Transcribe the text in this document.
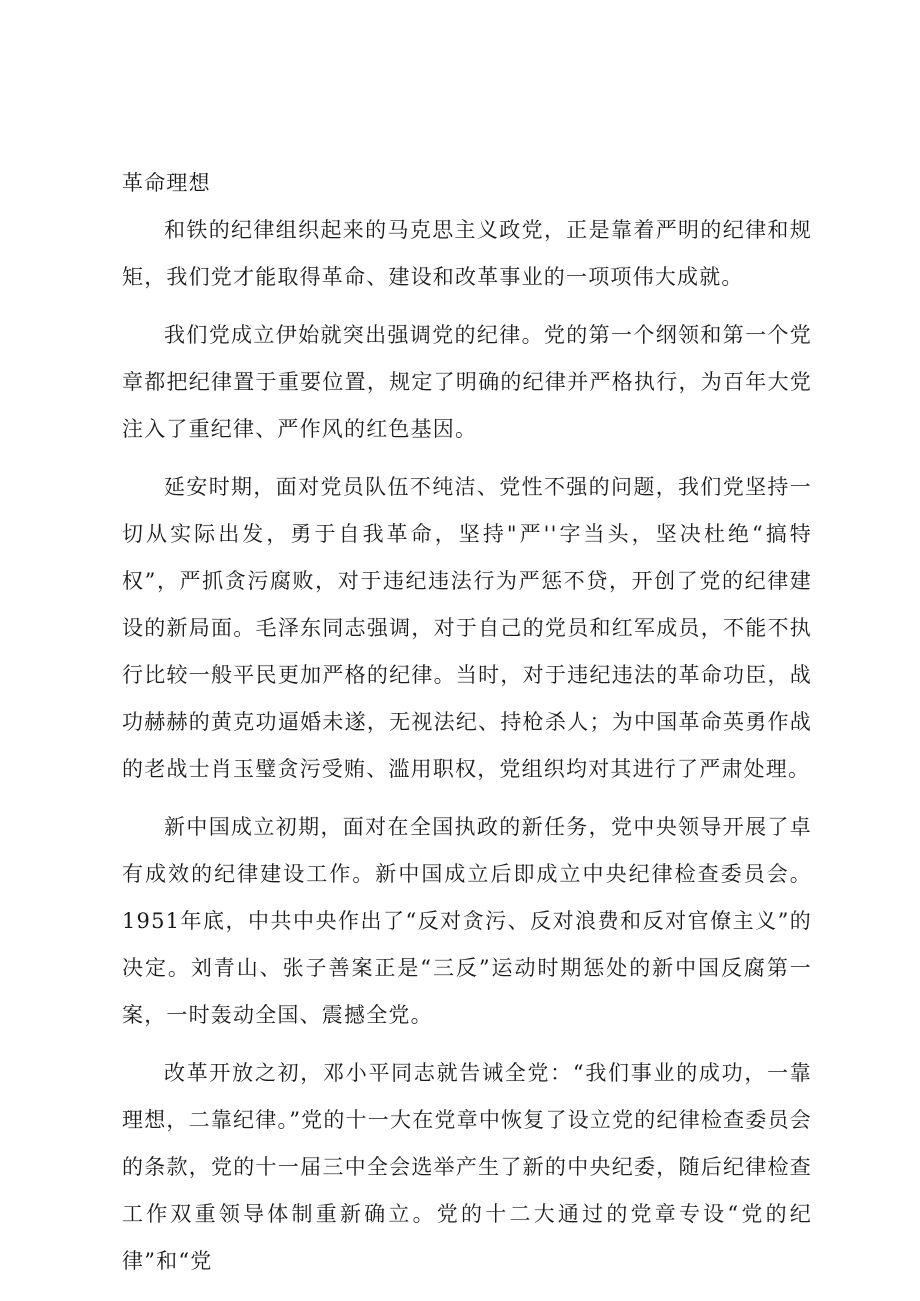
革命理想

和铁的纪律组织起来的马克思主义政党，正是靠着严明的纪律和规矩，我们党才能取得革命、建设和改革事业的一项项伟大成就。

我们党成立伊始就突出强调党的纪律。党的第一个纲领和第一个党章都把纪律置于重要位置，规定了明确的纪律并严格执行，为百年大党注入了重纪律、严作风的红色基因。

延安时期，面对党员队伍不纯洁、党性不强的问题，我们党坚持一切从实际出发，勇于自我革命，坚持"严''字当头，坚决杜绝“搞特权”，严抓贪污腐败，对于违纪违法行为严惩不贷，开创了党的纪律建设的新局面。毛泽东同志强调，对于自己的党员和红军成员，不能不执行比较一般平民更加严格的纪律。当时，对于违纪违法的革命功臣，战功赫赫的黄克功逼婚未遂，无视法纪、持枪杀人；为中国革命英勇作战的老战士肖玉璧贪污受贿、滥用职权，党组织均对其进行了严肃处理。

新中国成立初期，面对在全国执政的新任务，党中央领导开展了卓有成效的纪律建设工作。新中国成立后即成立中央纪律检查委员会。1951年底，中共中央作出了“反对贪污、反对浪费和反对官僚主义”的决定。刘青山、张子善案正是“三反”运动时期惩处的新中国反腐第一案，一时轰动全国、震撼全党。

改革开放之初，邓小平同志就告诫全党：“我们事业的成功，一靠理想，二靠纪律。”党的十一大在党章中恢复了设立党的纪律检查委员会的条款，党的十一届三中全会选举产生了新的中央纪委，随后纪律检查工作双重领导体制重新确立。党的十二大通过的党章专设“党的纪律”和“党
